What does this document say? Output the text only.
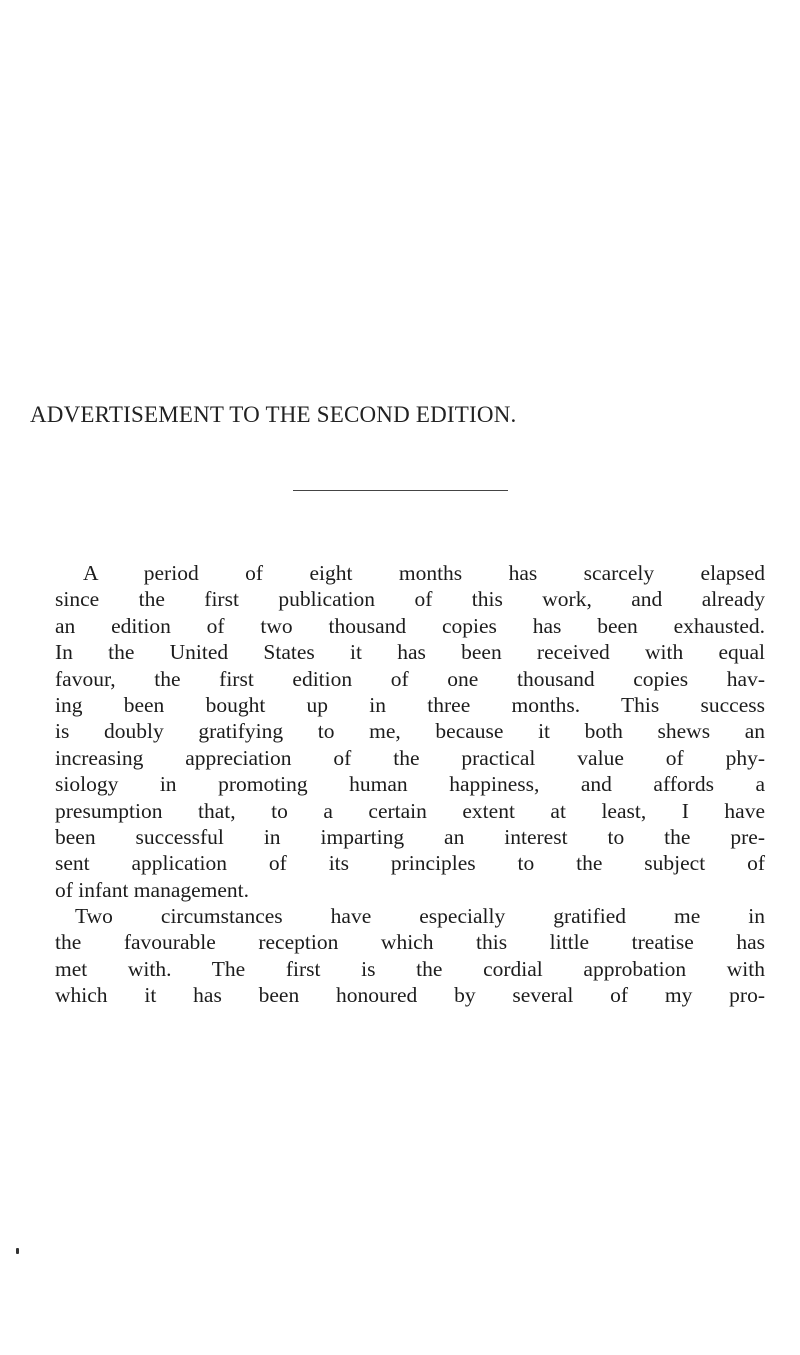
ADVERTISEMENT TO THE SECOND EDITION.
A period of eight months has scarcely elapsed
since the first publication of this work, and already
an edition of two thousand copies has been exhausted.
In the United States it has been received with equal
favour, the first edition of one thousand copies hav-
ing been bought up in three months. This success
is doubly gratifying to me, because it both shews an
increasing appreciation of the practical value of phy-
siology in promoting human happiness, and affords a
presumption that, to a certain extent at least, I have
been successful in imparting an interest to the pre-
sent application of its principles to the subject of
of infant management.
Two circumstances have especially gratified me in
the favourable reception which this little treatise has
met with. The first is the cordial approbation with
which it has been honoured by several of my pro-
